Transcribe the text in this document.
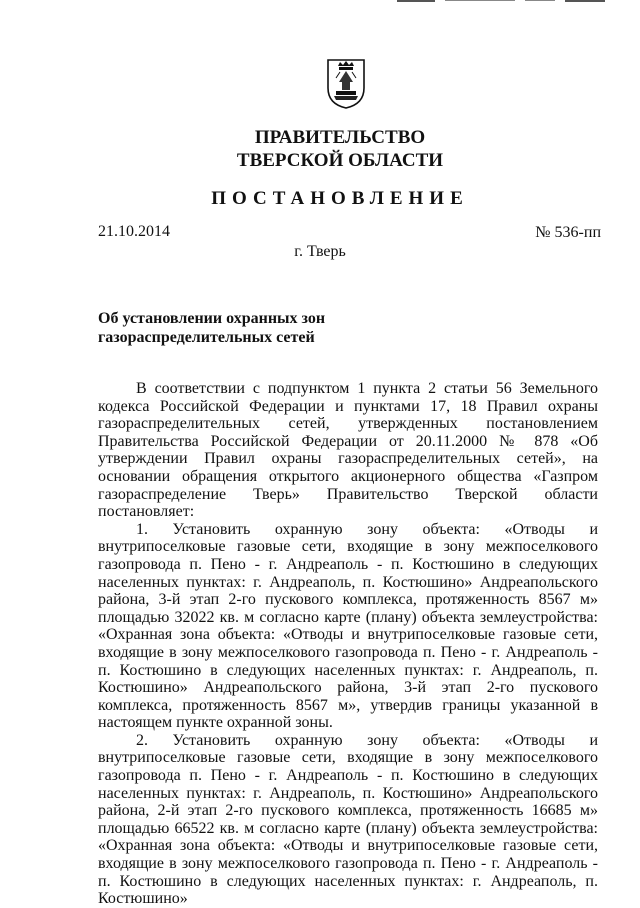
ПРАВИТЕЛЬСТВО
ТВЕРСКОЙ ОБЛАСТИ
ПОСТАНОВЛЕНИЕ
21.10.2014	№ 536-пп
г. Тверь
Об установлении охранных зон
газораспределительных сетей

В соответствии с подпунктом 1 пункта 2 статьи 56 Земельного кодекса Российской Федерации и пунктами 17, 18 Правил охраны газораспределительных сетей, утвержденных постановлением Правительства Российской Федерации от 20.11.2000 № 878 «Об утверждении Правил охраны газораспределительных сетей», на основании обращения открытого акционерного общества «Газпром газораспределение Тверь» Правительство Тверской области постановляет:

1. Установить охранную зону объекта: «Отводы и внутрипоселковые газовые сети, входящие в зону межпоселкового газопровода п. Пено - г. Андреаполь - п. Костюшино в следующих населенных пунктах: г. Андреаполь, п. Костюшино» Андреапольского района, 3-й этап 2-го пускового комплекса, протяженность 8567 м» площадью 32022 кв. м согласно карте (плану) объекта землеустройства: «Охранная зона объекта: «Отводы и внутрипоселковые газовые сети, входящие в зону межпоселкового газопровода п. Пено - г. Андреаполь - п. Костюшино в следующих населенных пунктах: г. Андреаполь, п. Костюшино» Андреапольского района, 3-й этап 2-го пускового комплекса, протяженность 8567 м», утвердив границы указанной в настоящем пункте охранной зоны.

2. Установить охранную зону объекта: «Отводы и внутрипоселковые газовые сети, входящие в зону межпоселкового газопровода п. Пено - г. Андреаполь - п. Костюшино в следующих населенных пунктах: г. Андреаполь, п. Костюшино» Андреапольского района, 2-й этап 2-го пускового комплекса, протяженность 16685 м» площадью 66522 кв. м согласно карте (плану) объекта землеустройства: «Охранная зона объекта: «Отводы и внутрипоселковые газовые сети, входящие в зону межпоселкового газопровода п. Пено - г. Андреаполь - п. Костюшино в следующих населенных пунктах: г. Андреаполь, п. Костюшино»
